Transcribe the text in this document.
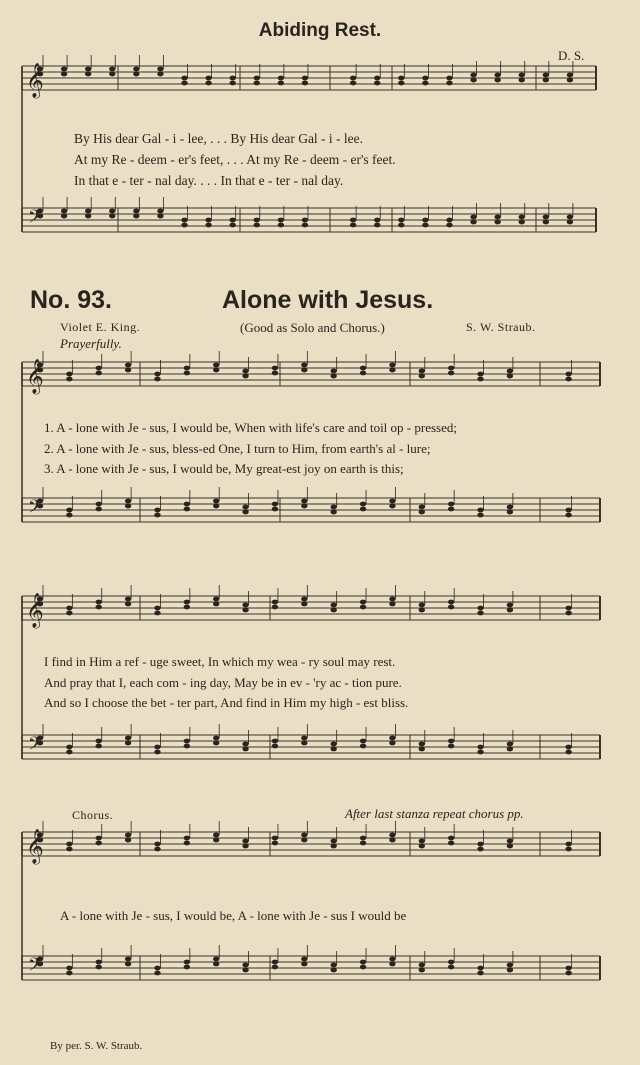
𝄞
𝄞
𝄞
𝄞
𝄢
𝄢
𝄢
𝄢
Abiding Rest.
D. S.
By His dear Gal - i - lee, . . . By His dear Gal - i - lee.
At my Re - deem - er's feet, . . . At my Re - deem - er's feet.
In that e - ter - nal day. . . . In that e - ter - nal day.
No. 93.	Alone with Jesus.
Violet E. King.	(Good as Solo and Chorus.)	S. W. Straub.
Prayerfully.
1. A - lone with Je - sus, I would be, When with life's care and toil op - pressed;
2. A - lone with Je - sus, bless-ed One, I turn to Him, from earth's al - lure;
3. A - lone with Je - sus, I would be, My great-est joy on earth is this;
I find in Him a ref - uge sweet, In which my wea - ry soul may rest.
And pray that I, each com - ing day, May be in ev - 'ry ac - tion pure.
And so I choose the bet - ter part, And find in Him my high - est bliss.
Chorus.	After last stanza repeat chorus pp.
A - lone with Je - sus, I would be, A - lone with Je - sus I would be
By per. S. W. Straub.
